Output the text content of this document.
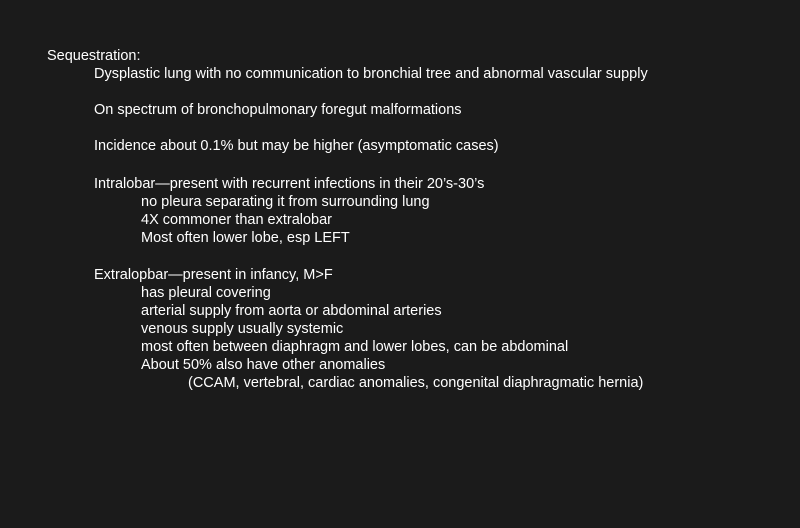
Sequestration:
Dysplastic lung with no communication to bronchial tree and abnormal vascular supply
On spectrum of bronchopulmonary foregut malformations
Incidence about 0.1% but may be higher (asymptomatic cases)
Intralobar—present with recurrent infections in their 20’s-30’s
no pleura separating it from surrounding lung
4X commoner than extralobar
Most often lower lobe, esp LEFT
Extralopbar—present in infancy, M>F
has pleural covering
arterial supply from aorta or abdominal arteries
venous supply usually systemic
most often between diaphragm and lower lobes, can be abdominal
About 50% also have other anomalies
(CCAM, vertebral, cardiac anomalies, congenital diaphragmatic hernia)
